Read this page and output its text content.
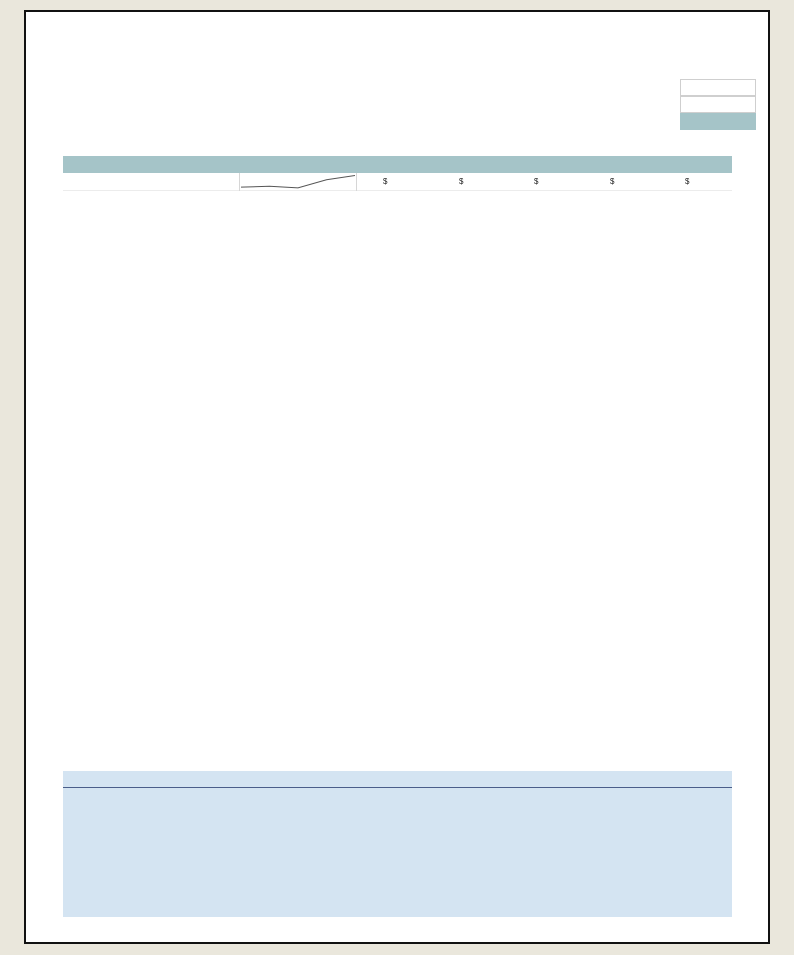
$	$	$	$	$
